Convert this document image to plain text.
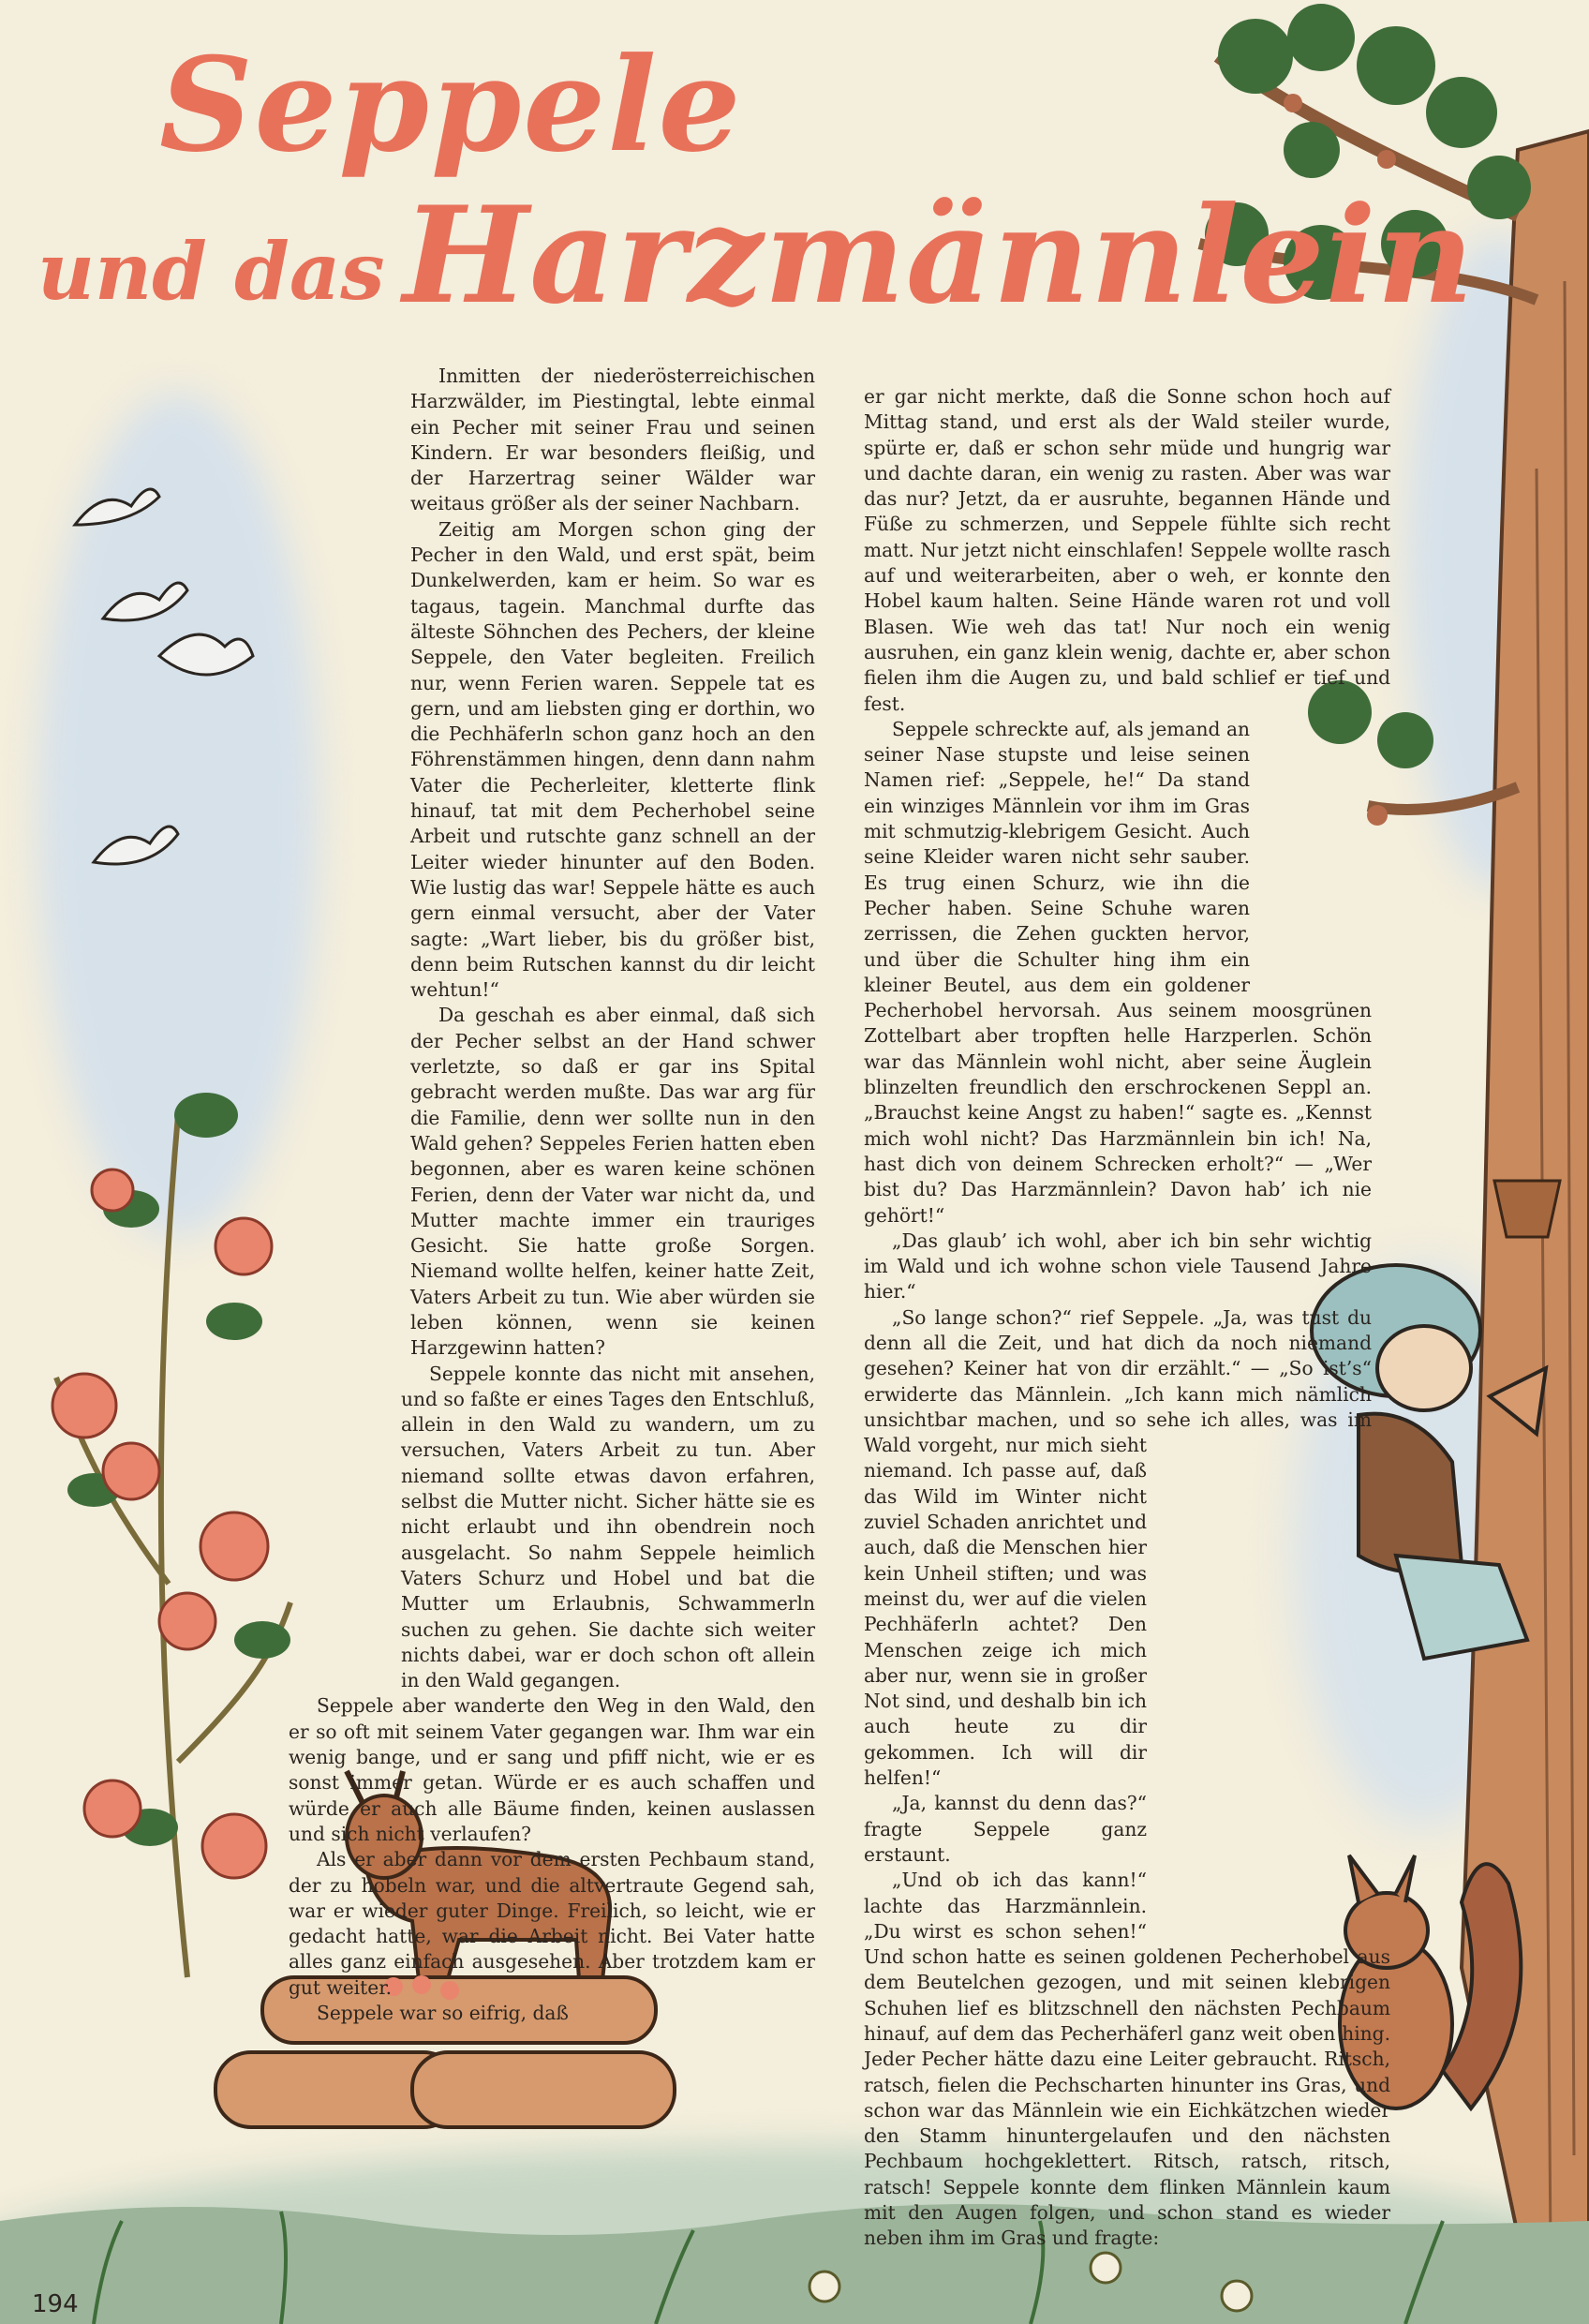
Seppele
und das Harzmännlein

Inmitten der niederösterreichischen Harzwälder, im Piestingtal, lebte einmal ein Pecher mit seiner Frau und seinen Kindern. Er war besonders fleißig, und der Harzertrag seiner Wälder war weitaus größer als der seiner Nachbarn.

Zeitig am Morgen schon ging der Pecher in den Wald, und erst spät, beim Dunkelwerden, kam er heim. So war es tagaus, tagein. Manchmal durfte das älteste Söhnchen des Pechers, der kleine Seppele, den Vater begleiten. Freilich nur, wenn Ferien waren. Seppele tat es gern, und am liebsten ging er dorthin, wo die Pechhäferln schon ganz hoch an den Föhrenstämmen hingen, denn dann nahm Vater die Pecherleiter, kletterte flink hinauf, tat mit dem Pecherhobel seine Arbeit und rutschte ganz schnell an der Leiter wieder hinunter auf den Boden. Wie lustig das war! Seppele hätte es auch gern einmal versucht, aber der Vater sagte: „Wart lieber, bis du größer bist, denn beim Rutschen kannst du dir leicht wehtun!“

Da geschah es aber einmal, daß sich der Pecher selbst an der Hand schwer verletzte, so daß er gar ins Spital gebracht werden mußte. Das war arg für die Familie, denn wer sollte nun in den Wald gehen? Seppeles Ferien hatten eben begonnen, aber es waren keine schönen Ferien, denn der Vater war nicht da, und Mutter machte immer ein trauriges Gesicht. Sie hatte große Sorgen. Niemand wollte helfen, keiner hatte Zeit, Vaters Arbeit zu tun. Wie aber würden sie leben können, wenn sie keinen Harzgewinn hatten?

Seppele konnte das nicht mit ansehen, und so faßte er eines Tages den Entschluß, allein in den Wald zu wandern, um zu versuchen, Vaters Arbeit zu tun. Aber niemand sollte etwas davon erfahren, selbst die Mutter nicht. Sicher hätte sie es nicht erlaubt und ihn obendrein noch ausgelacht. So nahm Seppele heimlich Vaters Schurz und Hobel und bat die Mutter um Erlaubnis, Schwammerln suchen zu gehen. Sie dachte sich weiter nichts dabei, war er doch schon oft allein in den Wald gegangen.

Seppele aber wanderte den Weg in den Wald, den er so oft mit seinem Vater gegangen war. Ihm war ein wenig bange, und er sang und pfiff nicht, wie er es sonst immer getan. Würde er es auch schaffen und würde er auch alle Bäume finden, keinen auslassen und sich nicht verlaufen?

Als er aber dann vor dem ersten Pechbaum stand, der zu hobeln war, und die altvertraute Gegend sah, war er wieder guter Dinge. Freilich, so leicht, wie er gedacht hatte, war die Arbeit nicht. Bei Vater hatte alles ganz einfach ausgesehen. Aber trotzdem kam er gut weiter.

Seppele war so eifrig, daß

er gar nicht merkte, daß die Sonne schon hoch auf Mittag stand, und erst als der Wald steiler wurde, spürte er, daß er schon sehr müde und hungrig war und dachte daran, ein wenig zu rasten. Aber was war das nur? Jetzt, da er ausruhte, begannen Hände und Füße zu schmerzen, und Seppele fühlte sich recht matt. Nur jetzt nicht einschlafen! Seppele wollte rasch auf und weiterarbeiten, aber o weh, er konnte den Hobel kaum halten. Seine Hände waren rot und voll Blasen. Wie weh das tat! Nur noch ein wenig ausruhen, ein ganz klein wenig, dachte er, aber schon fielen ihm die Augen zu, und bald schlief er tief und fest.

Seppele schreckte auf, als jemand an seiner Nase stupste und leise seinen Namen rief: „Seppele, he!“ Da stand ein winziges Männlein vor ihm im Gras mit schmutzig-klebrigem Gesicht. Auch seine Kleider waren nicht sehr sauber. Es trug einen Schurz, wie ihn die Pecher haben. Seine Schuhe waren zerrissen, die Zehen guckten hervor, und über die Schulter hing ihm ein kleiner Beutel, aus dem ein goldener Pecherhobel hervorsah. Aus seinem moosgrünen Zottelbart aber tropften helle Harzperlen. Schön war das Männlein wohl nicht, aber seine Äuglein blinzelten freundlich den erschrockenen Seppl an. „Brauchst keine Angst zu haben!“ sagte es. „Kennst mich wohl nicht? Das Harzmännlein bin ich! Na, hast dich von deinem Schrecken erholt?“ — „Wer bist du? Das Harzmännlein? Davon hab’ ich nie gehört!“

„Das glaub’ ich wohl, aber ich bin sehr wichtig im Wald und ich wohne schon viele Tausend Jahre hier.“

„So lange schon?“ rief Seppele. „Ja, was tust du denn all die Zeit, und hat dich da noch niemand gesehen? Keiner hat von dir erzählt.“ — „So ist’s“ erwiderte das Männlein. „Ich kann mich nämlich unsichtbar machen, und so sehe ich alles, was im Wald vorgeht, nur mich sieht niemand. Ich passe auf, daß das Wild im Winter nicht zuviel Schaden anrichtet und auch, daß die Menschen hier kein Unheil stiften; und was meinst du, wer auf die vielen Pechhäferln achtet? Den Menschen zeige ich mich aber nur, wenn sie in großer Not sind, und deshalb bin ich auch heute zu dir gekommen. Ich will dir helfen!“

„Ja, kannst du denn das?“ fragte Seppele ganz erstaunt.

„Und ob ich das kann!“ lachte das Harzmännlein. „Du wirst es schon sehen!“ Und schon hatte es seinen goldenen Pecherhobel aus dem Beutelchen gezogen, und mit seinen klebrigen Schuhen lief es blitzschnell den nächsten Pechbaum hinauf, auf dem das Pecherhäferl ganz weit oben hing. Jeder Pecher hätte dazu eine Leiter gebraucht. Ritsch, ratsch, fielen die Pechscharten hinunter ins Gras, und schon war das Männlein wie ein Eichkätzchen wieder den Stamm hinuntergelaufen und den nächsten Pechbaum hochgeklettert. Ritsch, ratsch, ritsch, ratsch! Seppele konnte dem flinken Männlein kaum mit den Augen folgen, und schon stand es wieder neben ihm im Gras und fragte:

194
